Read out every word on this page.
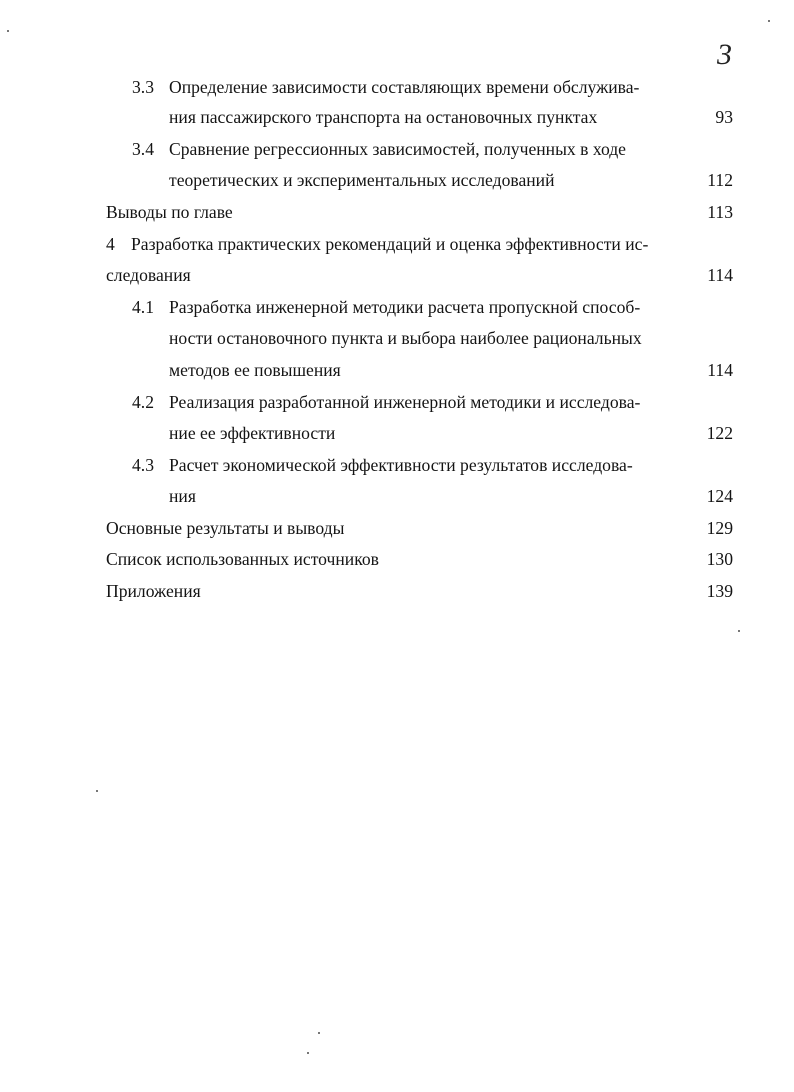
3
3.3 Определение зависимости составляющих времени обслужива-
ния пассажирского транспорта на остановочных пунктах	93
3.4 Сравнение регрессионных зависимостей, полученных в ходе
теоретических и экспериментальных исследований	112
Выводы по главе	113
4 Разработка практических рекомендаций и оценка эффективности ис-
следования	114
4.1 Разработка инженерной методики расчета пропускной способ-
ности остановочного пункта и выбора наиболее рациональных
методов ее повышения	114
4.2 Реализация разработанной инженерной методики и исследова-
ние ее эффективности	122
4.3 Расчет экономической эффективности результатов исследова-
ния	124
Основные результаты и выводы	129
Список использованных источников	130
Приложения	139
